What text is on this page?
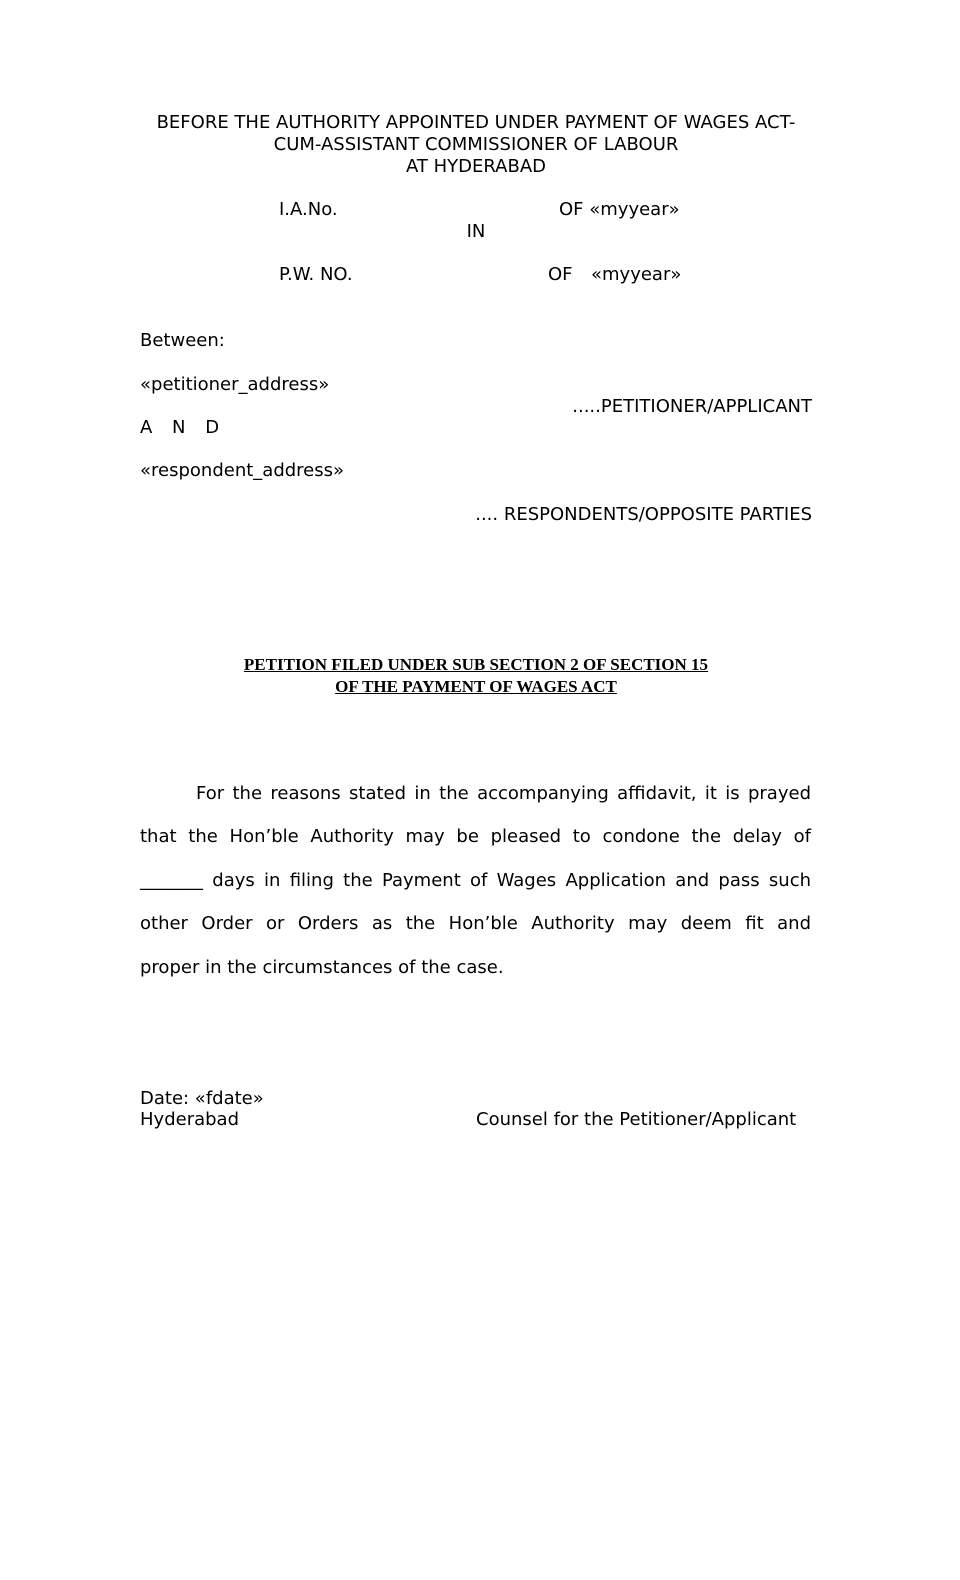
BEFORE THE AUTHORITY APPOINTED UNDER PAYMENT OF WAGES ACT-
CUM-ASSISTANT COMMISSIONER OF LABOUR
AT HYDERABAD
I.A.No.	OF «myyear»
IN
P.W. NO.	OF «myyear»
Between:
«petitioner_address»
.....PETITIONER/APPLICANT
A N D
«respondent_address»
.... RESPONDENTS/OPPOSITE PARTIES
PETITION FILED UNDER SUB SECTION 2 OF SECTION 15
OF THE PAYMENT OF WAGES ACT
For the reasons stated in the accompanying affidavit, it is prayed
that the Hon’ble Authority may be pleased to condone the delay of
_______ days in filing the Payment of Wages Application and pass such
other Order or Orders as the Hon’ble Authority may deem fit and
proper in the circumstances of the case.
Date: «fdate»
Hyderabad	Counsel for the Petitioner/Applicant
